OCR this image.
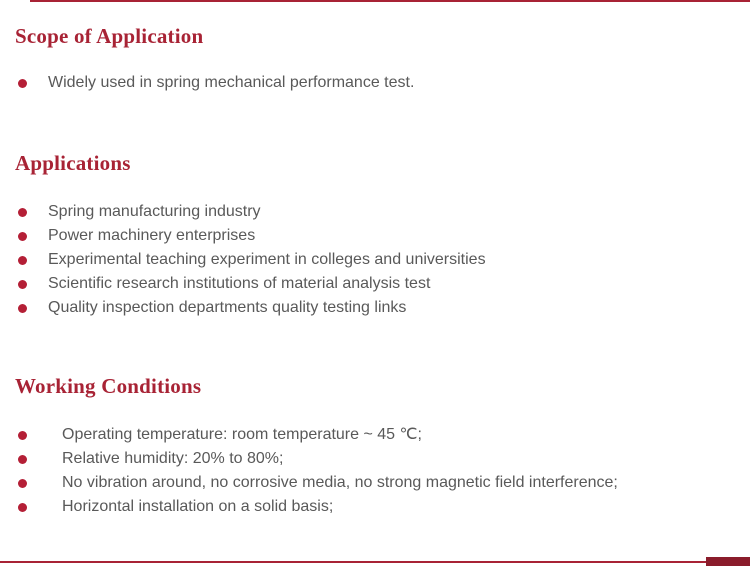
Scope of Application
Widely used in spring mechanical performance test.
Applications
Spring manufacturing industry
Power machinery enterprises
Experimental teaching experiment in colleges and universities
Scientific research institutions of material analysis test
Quality inspection departments quality testing links
Working Conditions
Operating temperature: room temperature ~ 45 ℃;
Relative humidity: 20% to 80%;
No vibration around, no corrosive media, no strong magnetic field interference;
Horizontal installation on a solid basis;
